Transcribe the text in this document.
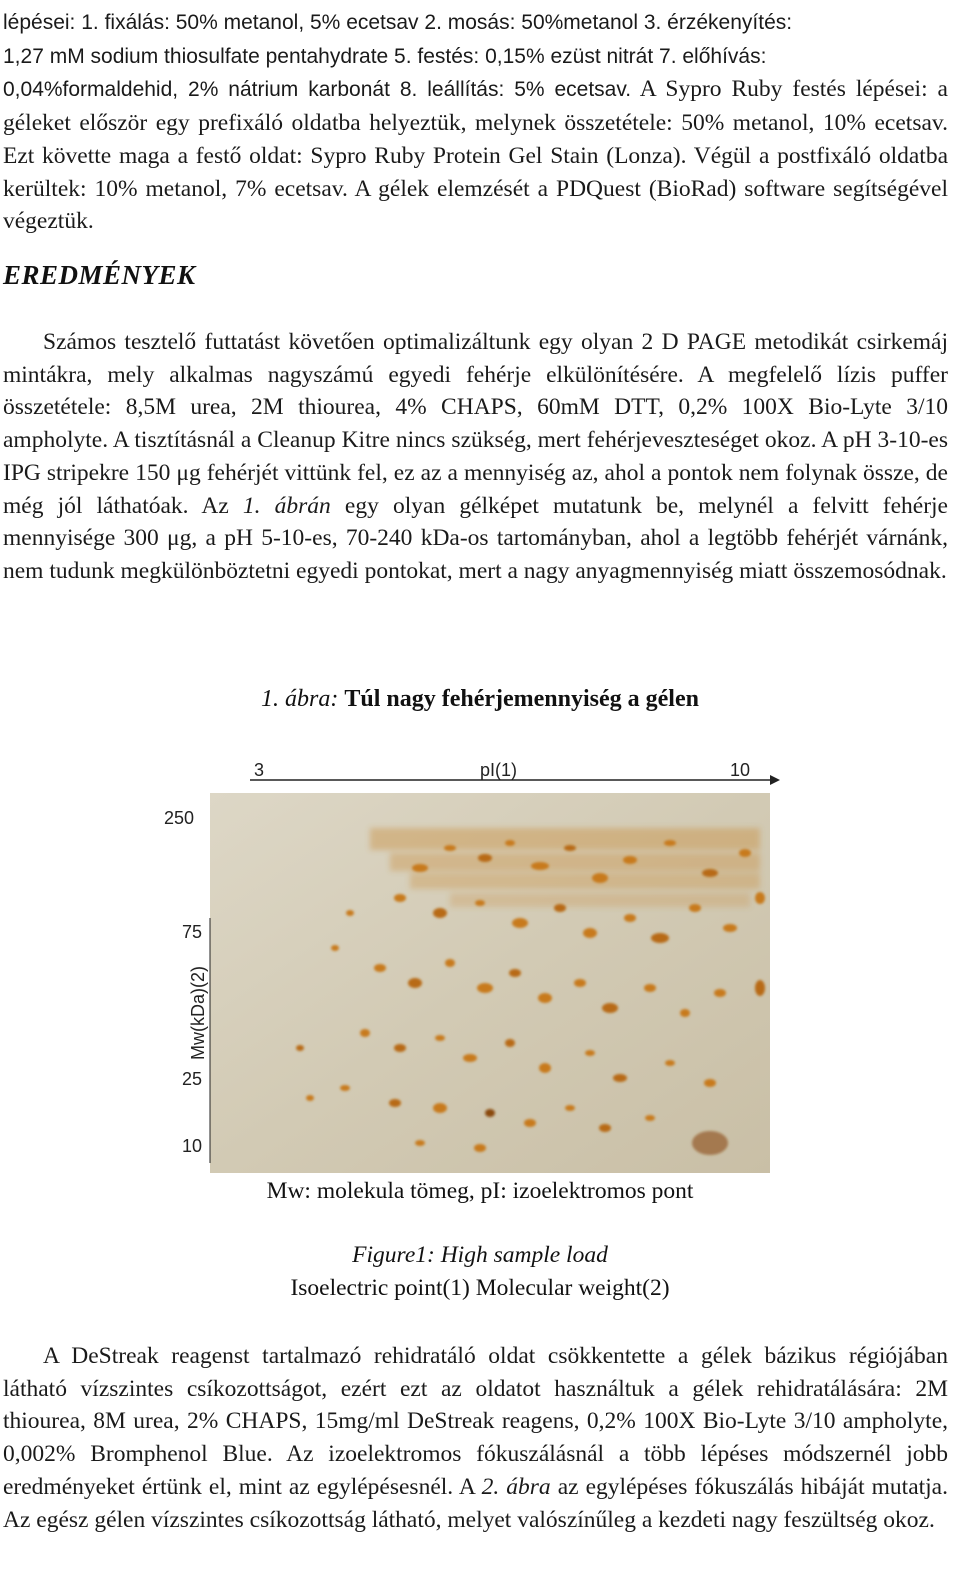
lépései: 1. fixálás: 50% metanol, 5% ecetsav 2. mosás: 50%metanol 3. érzékenyítés:
1,27 mM sodium thiosulfate pentahydrate 5. festés: 0,15% ezüst nitrát 7. előhívás:
0,04%formaldehid, 2% nátrium karbonát 8. leállítás: 5% ecetsav. A Sypro Ruby festés lépései: a géleket először egy prefixáló oldatba helyeztük, melynek összetétele: 50% metanol, 10% ecetsav. Ezt követte maga a festő oldat: Sypro Ruby Protein Gel Stain (Lonza). Végül a postfixáló oldatba kerültek: 10% metanol, 7% ecetsav. A gélek elemzését a PDQuest (BioRad) software segítségével végeztük.
EREDMÉNYEK
Számos tesztelő futtatást követően optimalizáltunk egy olyan 2 D PAGE metodikát csirkemáj mintákra, mely alkalmas nagyszámú egyedi fehérje elkülönítésére. A megfelelő lízis puffer összetétele: 8,5M urea, 2M thiourea, 4% CHAPS, 60mM DTT, 0,2% 100X Bio-Lyte 3/10 ampholyte. A tisztításnál a Cleanup Kitre nincs szükség, mert fehérjeveszteséget okoz. A pH 3-10-es IPG stripekre 150 μg fehérjét vittünk fel, ez az a mennyiség az, ahol a pontok nem folynak össze, de még jól láthatóak. Az 1. ábrán egy olyan gélképet mutatunk be, melynél a felvitt fehérje mennyisége 300 μg, a pH 5-10-es, 70-240 kDa-os tartományban, ahol a legtöbb fehérjét várnánk, nem tudunk megkülönböztetni egyedi pontokat, mert a nagy anyagmennyiség miatt összemosódnak.
1. ábra: Túl nagy fehérjemennyiség a gélen
3	pI(1)	10
250
75
25
10
Mw(kDa)(2)
Mw: molekula tömeg, pI: izoelektromos pont
Figure1: High sample load
Isoelectric point(1) Molecular weight(2)
A DeStreak reagenst tartalmazó rehidratáló oldat csökkentette a gélek bázikus régiójában látható vízszintes csíkozottságot, ezért ezt az oldatot használtuk a gélek rehidratálására: 2M thiourea, 8M urea, 2% CHAPS, 15mg/ml DeStreak reagens, 0,2% 100X Bio-Lyte 3/10 ampholyte, 0,002% Bromphenol Blue. Az izoelektromos fókuszálásnál a több lépéses módszernél jobb eredményeket értünk el, mint az egylépésesnél. A 2. ábra az egylépéses fókuszálás hibáját mutatja. Az egész gélen vízszintes csíkozottság látható, melyet valószínűleg a kezdeti nagy feszültség okoz.
